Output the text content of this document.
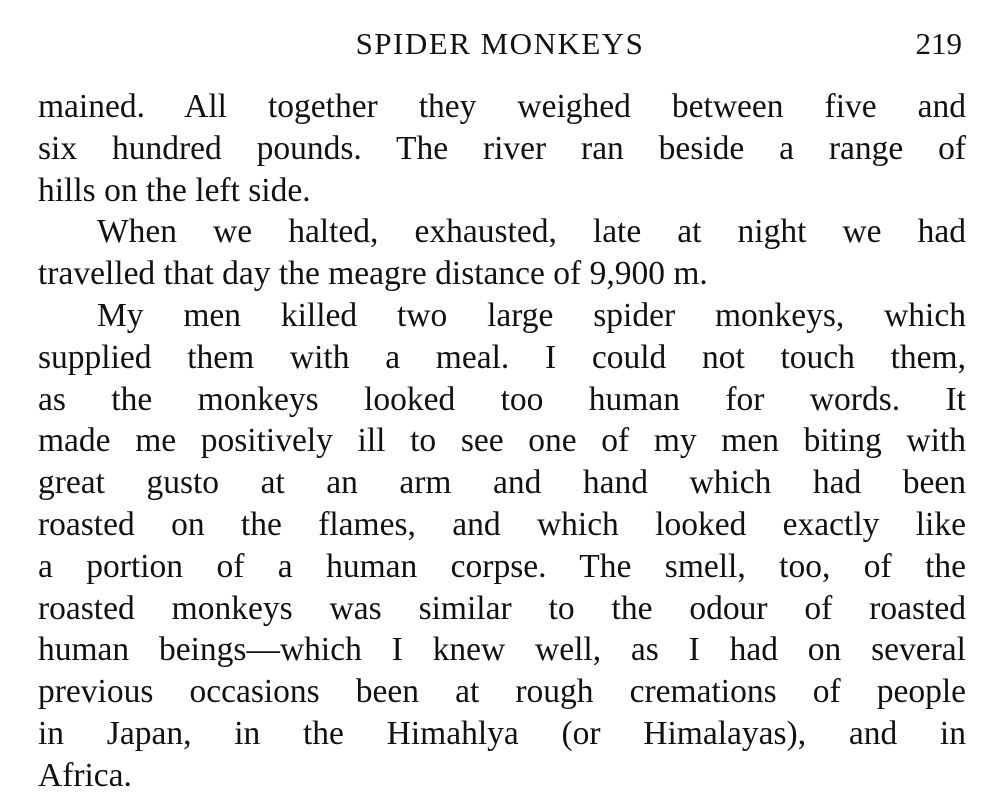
SPIDER MONKEYS	219
mained. All together they weighed between five and
six hundred pounds. The river ran beside a range of
hills on the left side.
When we halted, exhausted, late at night we had
travelled that day the meagre distance of 9,900 m.
My men killed two large spider monkeys, which
supplied them with a meal. I could not touch them,
as the monkeys looked too human for words. It
made me positively ill to see one of my men biting with
great gusto at an arm and hand which had been
roasted on the flames, and which looked exactly like
a portion of a human corpse. The smell, too, of the
roasted monkeys was similar to the odour of roasted
human beings—which I knew well, as I had on several
previous occasions been at rough cremations of people
in Japan, in the Himahlya (or Himalayas), and in
Africa.
